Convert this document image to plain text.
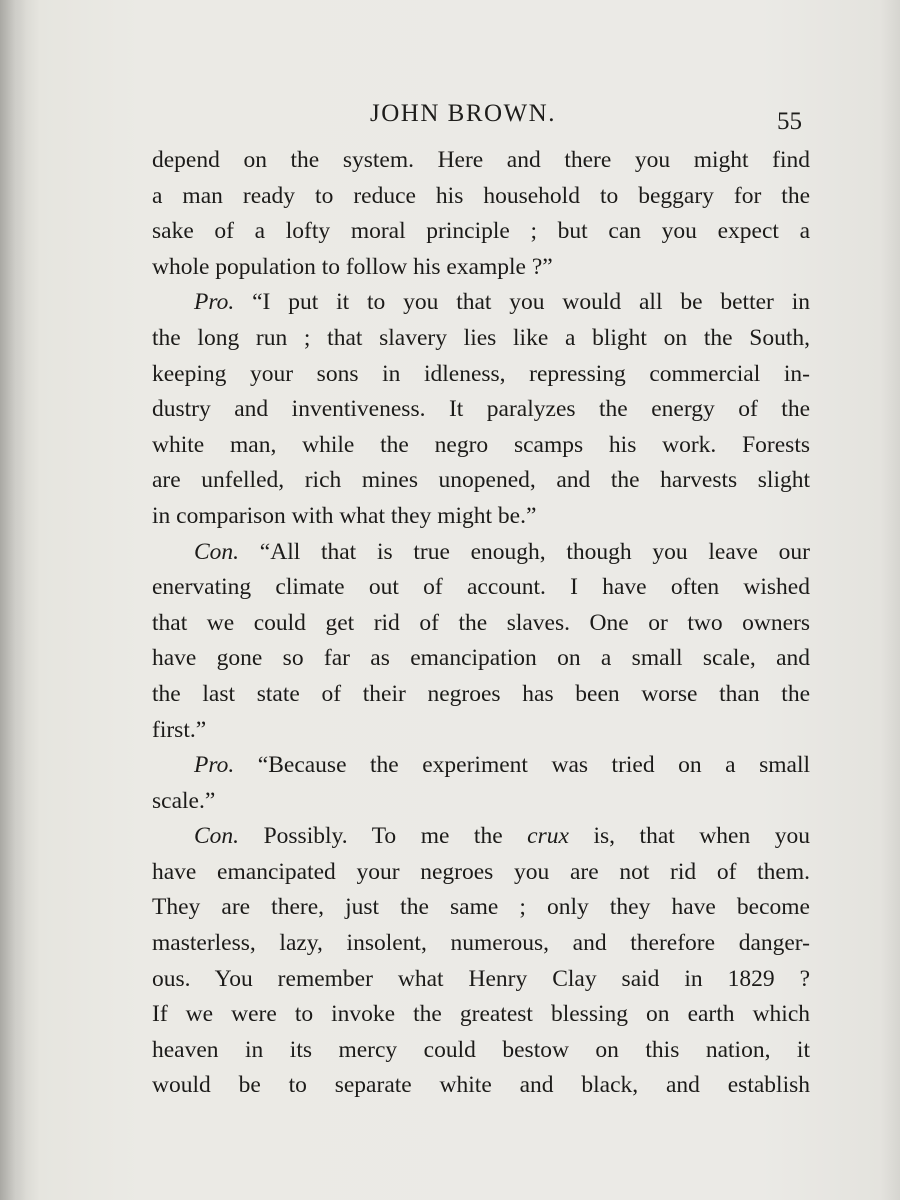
JOHN BROWN.	55
depend on the system. Here and there you might find
a man ready to reduce his household to beggary for the
sake of a lofty moral principle ; but can you expect a
whole population to follow his example ?”
Pro. “I put it to you that you would all be better in
the long run ; that slavery lies like a blight on the South,
keeping your sons in idleness, repressing commercial in-
dustry and inventiveness. It paralyzes the energy of the
white man, while the negro scamps his work. Forests
are unfelled, rich mines unopened, and the harvests slight
in comparison with what they might be.”
Con. “All that is true enough, though you leave our
enervating climate out of account. I have often wished
that we could get rid of the slaves. One or two owners
have gone so far as emancipation on a small scale, and
the last state of their negroes has been worse than the
first.”
Pro. “Because the experiment was tried on a small
scale.”
Con. Possibly. To me the crux is, that when you
have emancipated your negroes you are not rid of them.
They are there, just the same ; only they have become
masterless, lazy, insolent, numerous, and therefore danger-
ous. You remember what Henry Clay said in 1829 ?
If we were to invoke the greatest blessing on earth which
heaven in its mercy could bestow on this nation, it
would be to separate white and black, and establish
